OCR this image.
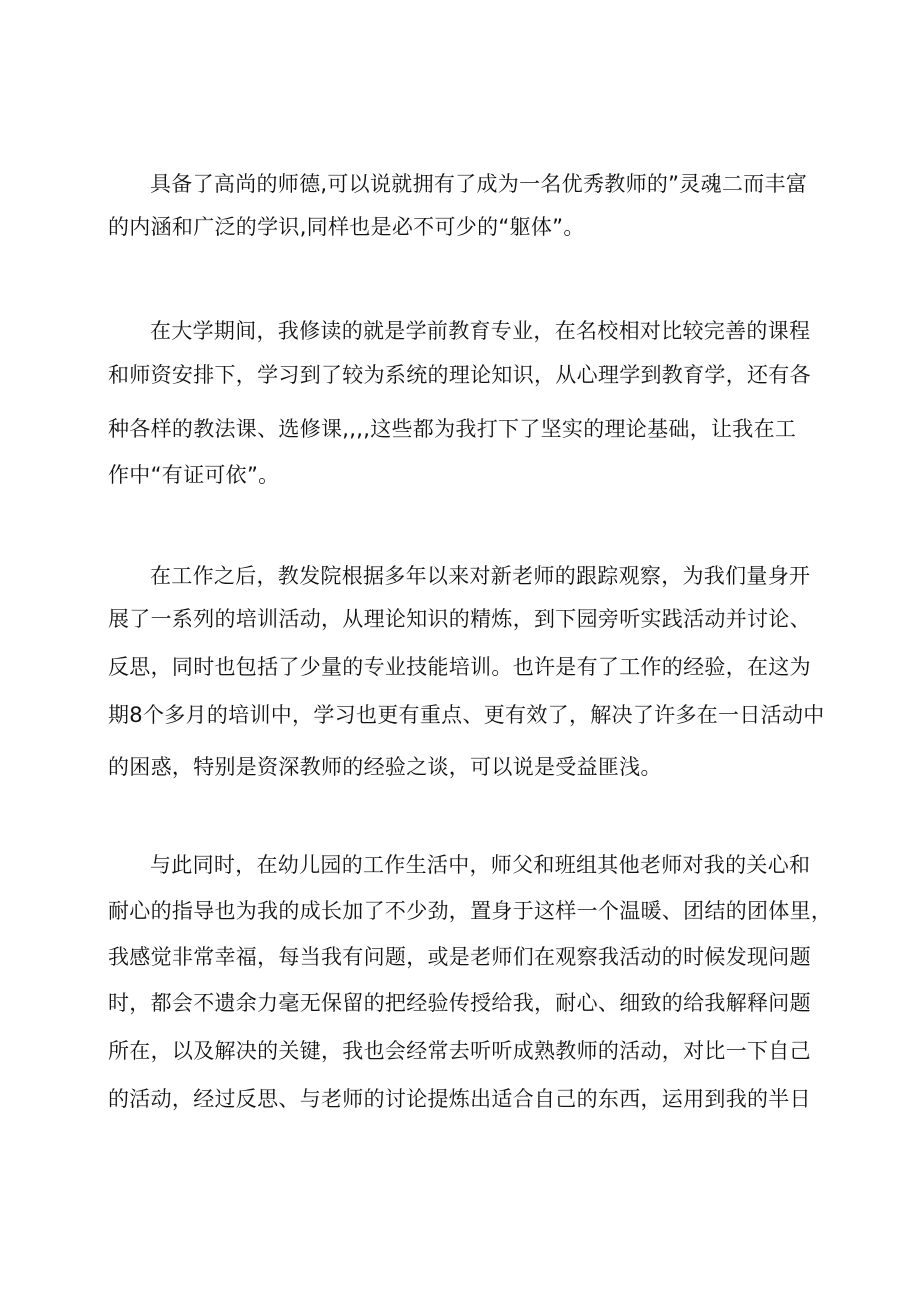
具备了高尚的师德,可以说就拥有了成为一名优秀教师的”灵魂二而丰富
的内涵和广泛的学识,同样也是必不可少的“躯体”。
在大学期间，我修读的就是学前教育专业，在名校相对比较完善的课程
和师资安排下，学习到了较为系统的理论知识，从心理学到教育学，还有各
种各样的教法课、选修课,,,,这些都为我打下了坚实的理论基础，让我在工
作中“有证可依”。
在工作之后，教发院根据多年以来对新老师的跟踪观察，为我们量身开
展了一系列的培训活动，从理论知识的精炼，到下园旁听实践活动并讨论、
反思，同时也包括了少量的专业技能培训。也许是有了工作的经验，在这为
期8个多月的培训中，学习也更有重点、更有效了，解决了许多在一日活动中
的困惑，特别是资深教师的经验之谈，可以说是受益匪浅。
与此同时，在幼儿园的工作生活中，师父和班组其他老师对我的关心和
耐心的指导也为我的成长加了不少劲，置身于这样一个温暖、团结的团体里，
我感觉非常幸福，每当我有问题，或是老师们在观察我活动的时候发现问题
时，都会不遗余力毫无保留的把经验传授给我，耐心、细致的给我解释问题
所在，以及解决的关键，我也会经常去听听成熟教师的活动，对比一下自己
的活动，经过反思、与老师的讨论提炼出适合自己的东西，运用到我的半日
